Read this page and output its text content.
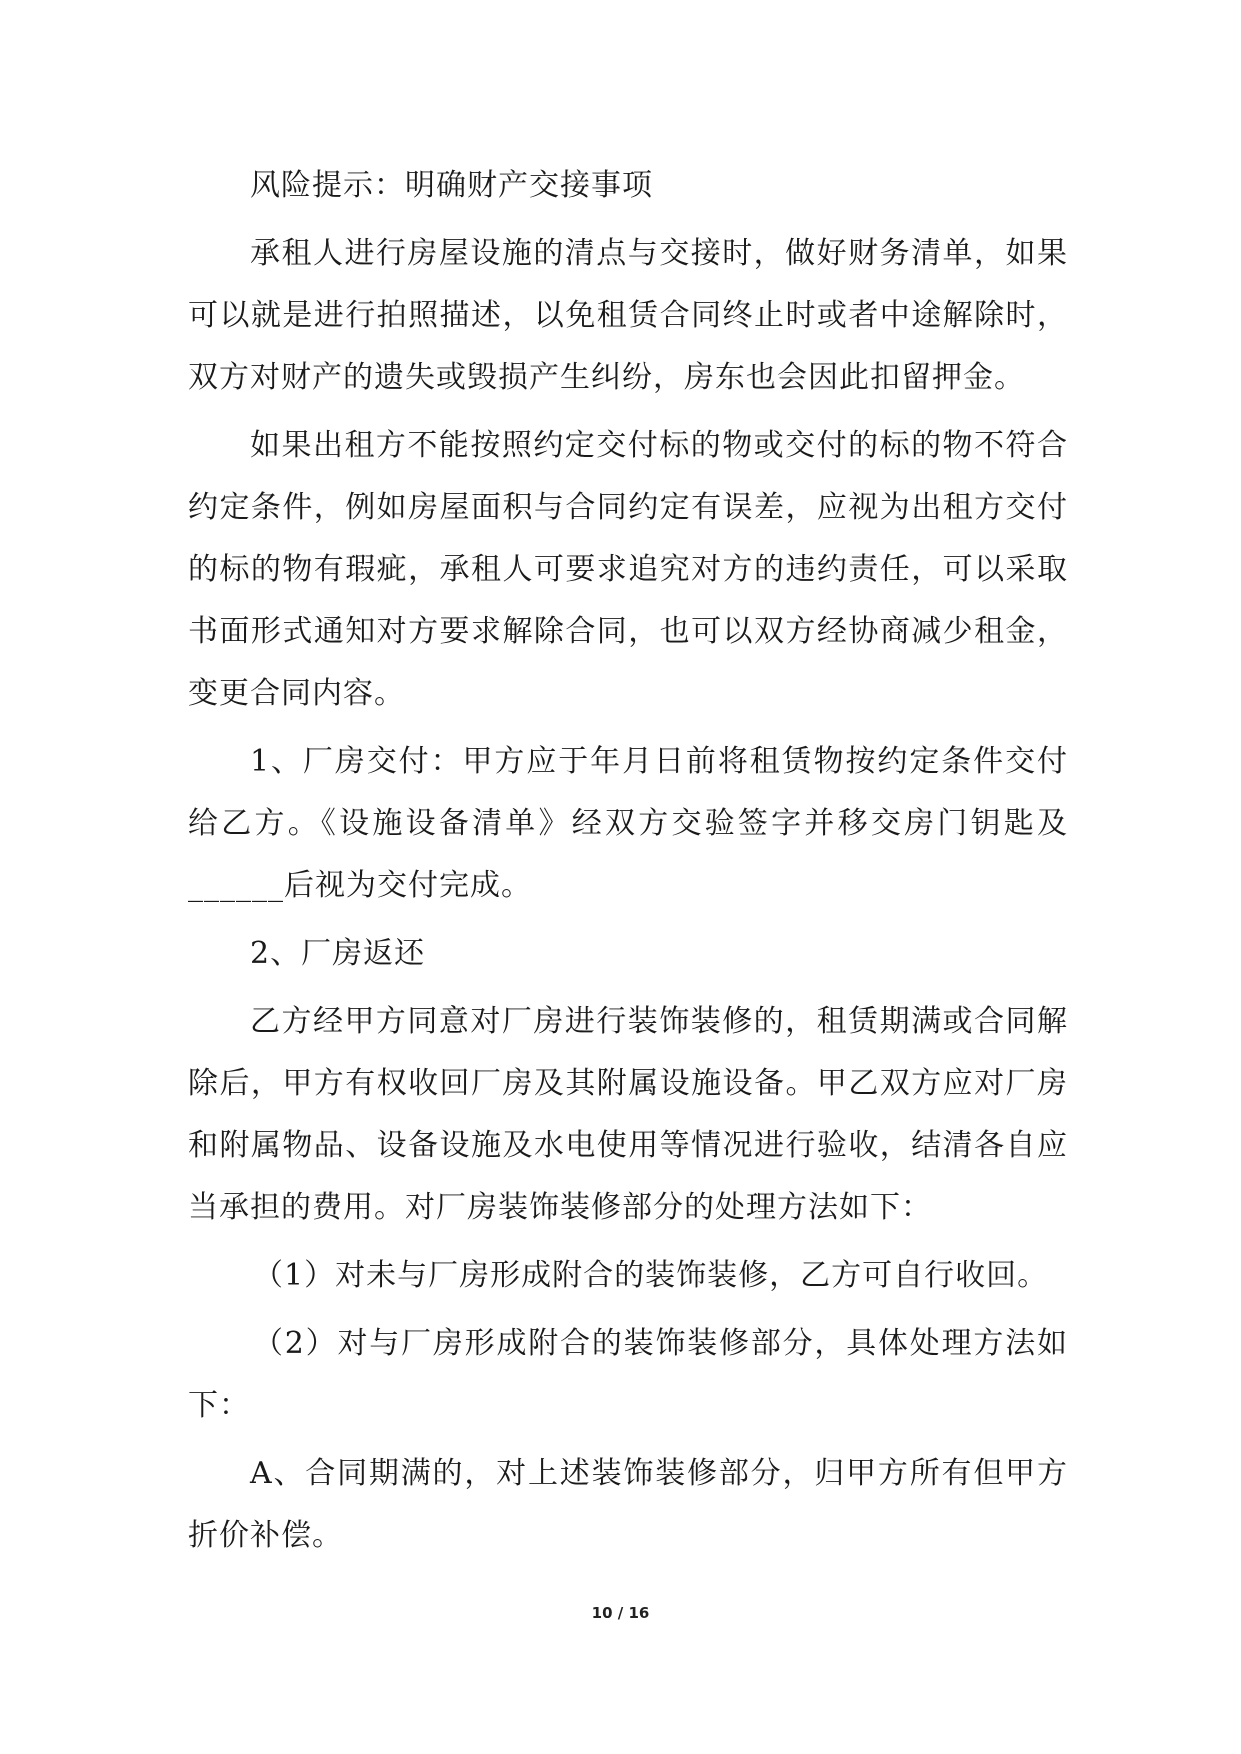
风险提示：明确财产交接事项

承租人进行房屋设施的清点与交接时，做好财务清单，如果可以就是进行拍照描述，以免租赁合同终止时或者中途解除时，双方对财产的遗失或毁损产生纠纷，房东也会因此扣留押金。

如果出租方不能按照约定交付标的物或交付的标的物不符合约定条件，例如房屋面积与合同约定有误差，应视为出租方交付的标的物有瑕疵，承租人可要求追究对方的违约责任，可以采取书面形式通知对方要求解除合同，也可以双方经协商减少租金，变更合同内容。

1、厂房交付：甲方应于年月日前将租赁物按约定条件交付给乙方。《设施设备清单》经双方交验签字并移交房门钥匙及______后视为交付完成。

2、厂房返还

乙方经甲方同意对厂房进行装饰装修的，租赁期满或合同解除后，甲方有权收回厂房及其附属设施设备。甲乙双方应对厂房和附属物品、设备设施及水电使用等情况进行验收，结清各自应当承担的费用。对厂房装饰装修部分的处理方法如下：

（1）对未与厂房形成附合的装饰装修，乙方可自行收回。

（2）对与厂房形成附合的装饰装修部分，具体处理方法如下：

A、合同期满的，对上述装饰装修部分，归甲方所有但甲方折价补偿。

10 / 16
